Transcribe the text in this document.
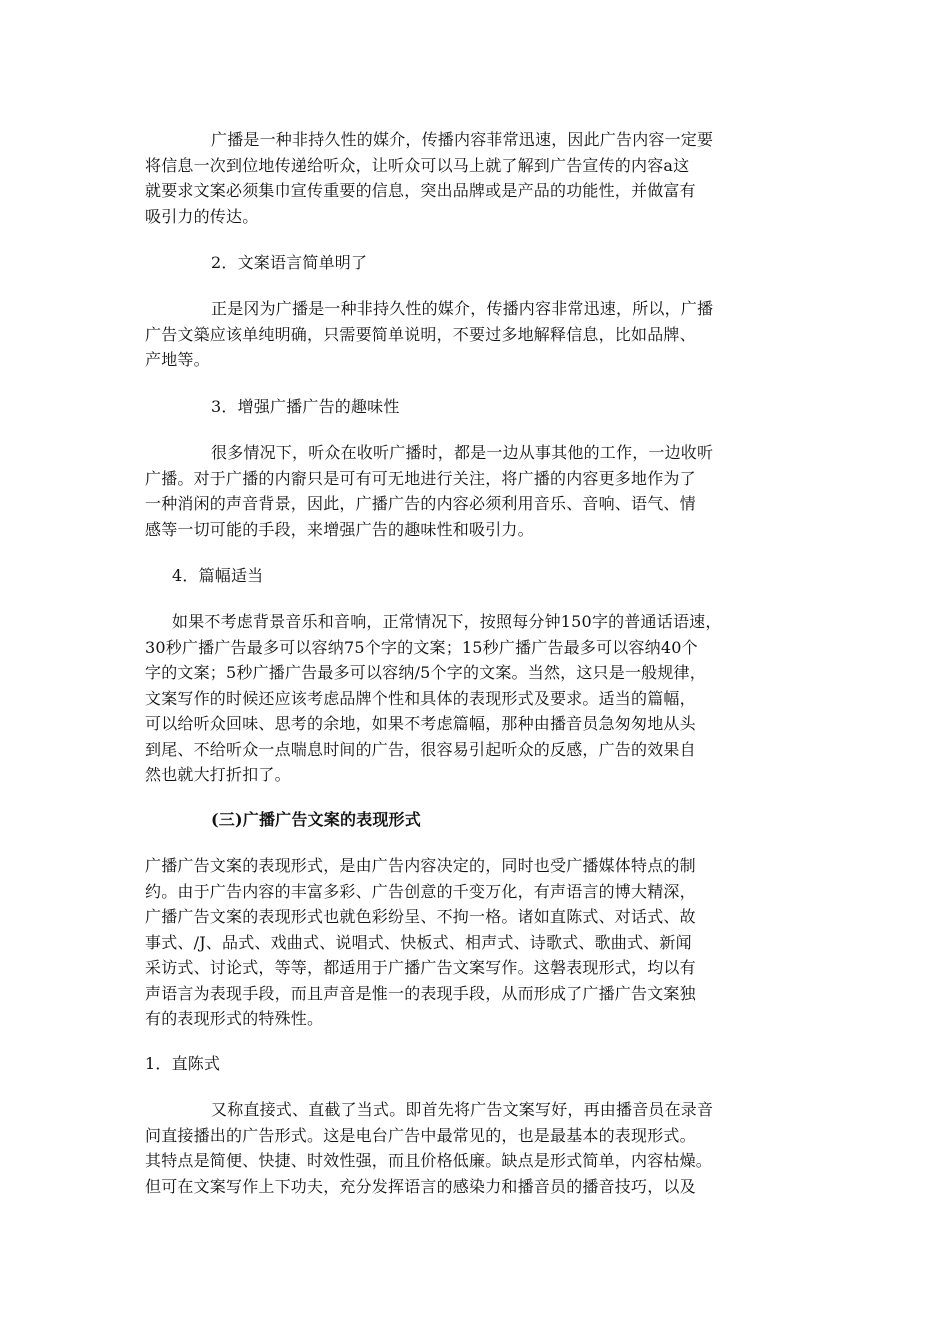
广播是一种非持久性的媒介，传播内容菲常迅速，因此广告内容一定要
将信息一次到位地传递给听众，让听众可以马上就了解到广告宣传的内容a这
就要求文案必须集巾宣传重要的信息，突出品牌或是产品的功能性，并做富有
吸引力的传达。
2．文案语言简单明了
正是冈为广播是一种非持久性的媒介，传播内容非常迅速，所以，广播
广告文築应该单纯明确，只需要简单说明，不要过多地解释信息，比如品牌、
产地等。
3．增强广播广告的趣味性
很多情况下，听众在收听广播时，都是一边从事其他的工作，一边收听
广播。对于广播的内窬只是可有可无地进行关注，将广播的内容更多地作为了
一种消闲的声音背景，因此，广播广告的内容必须利用音乐、音响、语气、情
感等一切可能的手段，来增强广告的趣味性和吸引力。
4．篇幅适当
如果不考虑背景音乐和音响，正常情况下，按照每分钟150字的普通话语速，
30秒广播广告最多可以容纳75个字的文案；15秒广播广告最多可以容纳40个
字的文案；5秒广播广告最多可以容纳/5个字的文案。当然，这只是一般规律，
文案写作的时候还应该考虑品牌个性和具体的表现形式及要求。适当的篇幅，
可以给听众回味、思考的余地，如果不考虑篇幅，那种由播音员急匆匆地从头
到尾、不给听众一点喘息时间的广告，很容易引起听众的反感，广告的效果自
然也就大打折扣了。
(三)广播广告文案的表现形式
广播广告文案的表现形式，是由广告内容决定的，同时也受广播媒体特点的制
约。由于广告内容的丰富多彩、广告创意的千变万化，有声语言的博大精深，
广播广告文案的表现形式也就色彩纷呈、不拘一格。诸如直陈式、对话式、故
事式、/J、品式、戏曲式、说唱式、快板式、相声式、诗歌式、歌曲式、新闻
采访式、讨论式，等等，都适用于广播广告文案写作。这磐表现形式，均以有
声语言为表现手段，而且声音是惟一的表现手段，从而形成了广播广告文案独
有的表现形式的特殊性。
1．直陈式
又称直接式、直截了当式。即首先将广告文案写好，再由播音员在录音
问直接播出的广告形式。这是电台广告中最常见的，也是最基本的表现形式。
其特点是简便、快捷、时效性强，而且价格低廉。缺点是形式简单，内容枯燥。
但可在文案写作上下功夫，充分发挥语言的感染力和播音员的播音技巧，以及
